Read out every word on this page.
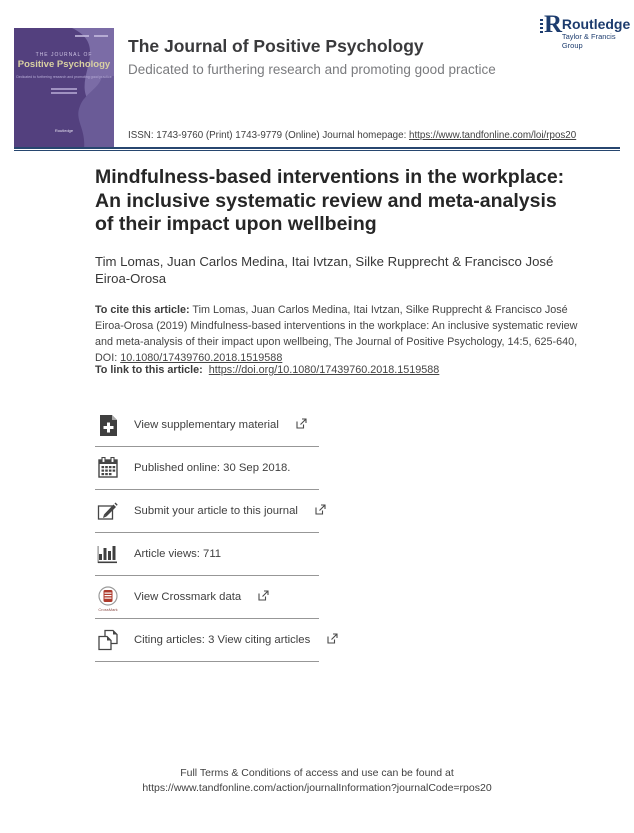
THE JOURNAL OF
Positive Psychology
Dedicated to furthering research and promoting good practice
Routledge
The Journal of Positive Psychology
Dedicated to furthering research and promoting good practice
ISSN: 1743-9760 (Print) 1743-9779 (Online) Journal homepage: https://www.tandfonline.com/loi/rpos20
R Routledge
Taylor & Francis Group
Mindfulness-based interventions in the workplace:
An inclusive systematic review and meta-analysis
of their impact upon wellbeing
Tim Lomas, Juan Carlos Medina, Itai Ivtzan, Silke Rupprecht & Francisco José Eiroa-Orosa
To cite this article: Tim Lomas, Juan Carlos Medina, Itai Ivtzan, Silke Rupprecht & Francisco José Eiroa-Orosa (2019) Mindfulness-based interventions in the workplace: An inclusive systematic review and meta-analysis of their impact upon wellbeing, The Journal of Positive Psychology, 14:5, 625-640, DOI: 10.1080/17439760.2018.1519588
To link to this article: https://doi.org/10.1080/17439760.2018.1519588
View supplementary material
Published online: 30 Sep 2018.
Submit your article to this journal
Article views: 711
CrossMark
View Crossmark data
Citing articles: 3 View citing articles
Full Terms & Conditions of access and use can be found at
https://www.tandfonline.com/action/journalInformation?journalCode=rpos20
